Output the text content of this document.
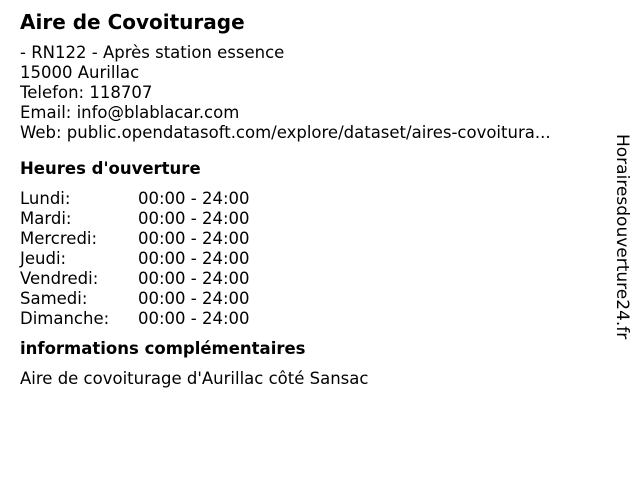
Aire de Covoiturage
- RN122 - Après station essence
15000 Aurillac
Telefon: 118707
Email: info@blablacar.com
Web: public.opendatasoft.com/explore/dataset/aires-covoitura...
Heures d'ouverture
Lundi:	00:00 - 24:00
Mardi:	00:00 - 24:00
Mercredi:	00:00 - 24:00
Jeudi:	00:00 - 24:00
Vendredi:	00:00 - 24:00
Samedi:	00:00 - 24:00
Dimanche:	00:00 - 24:00
informations complémentaires
Aire de covoiturage d'Aurillac côté Sansac
Horairesdouverture24.fr
